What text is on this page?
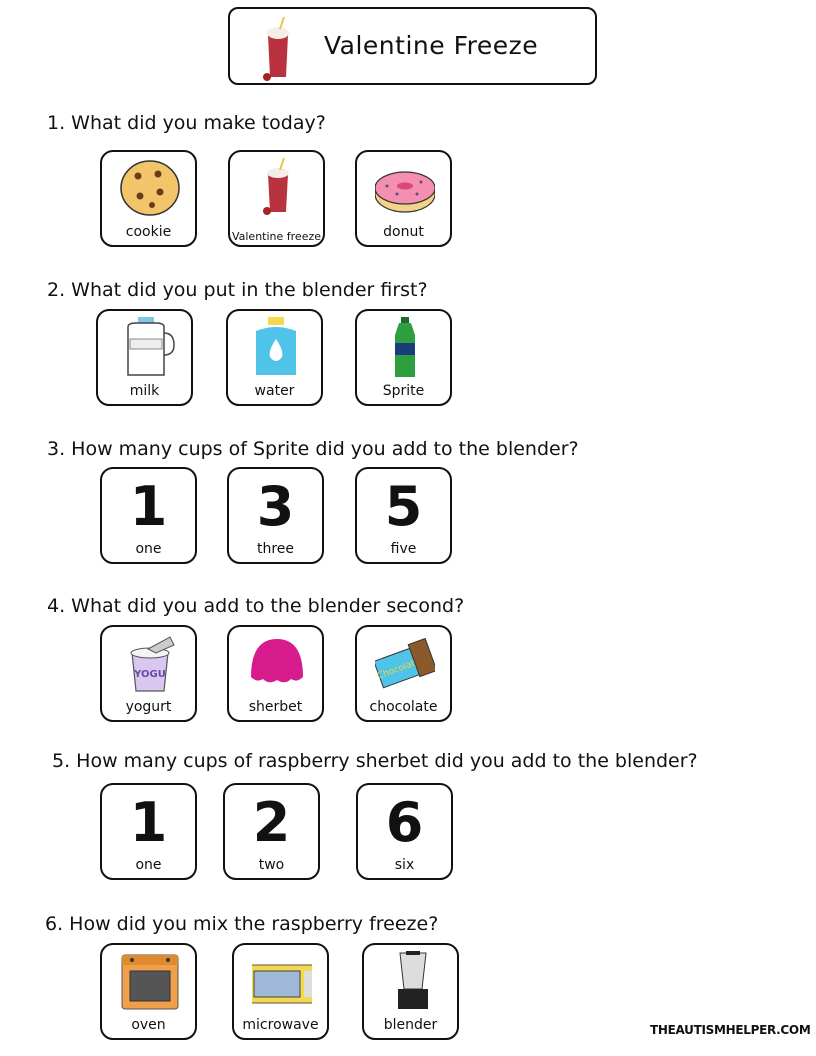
Valentine Freeze
1. What did you make today?
cookie	Valentine freeze	donut
2. What did you put in the blender first?
milk	water	Sprite
3. How many cups of Sprite did you add to the blender?
1
one
3
three
5
five
4. What did you add to the blender second?
YOGU
yogurt	sherbet
Chocolat
chocolate
5. How many cups of raspberry sherbet did you add to the blender?
1
one
2
two
6
six
6. How did you mix the raspberry freeze?
oven	microwave	blender	THEAUTISMHELPER.COM
